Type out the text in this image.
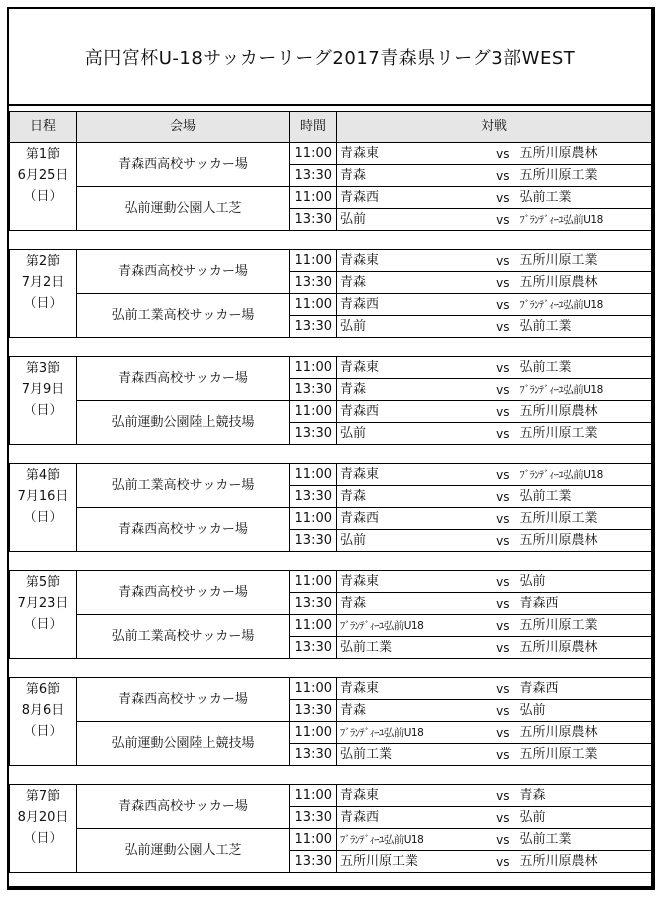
高円宮杯U-18サッカーリーグ2017青森県リーグ3部WEST
日程	会場	時間	対戦		

第1節
6月25日
（日）	青森西高校サッカー場	11:00	青森東	vs	五所川原農林
		13:30	青森	vs	五所川原工業
	弘前運動公園人工芝	11:00	青森西	vs	弘前工業
		13:30	弘前	vs	ﾌﾞﾗﾝﾃﾞｨｰﾕ弘前U18

第2節
7月2日
（日）	青森西高校サッカー場	11:00	青森東	vs	五所川原工業
		13:30	青森	vs	五所川原農林
	弘前工業高校サッカー場	11:00	青森西	vs	ﾌﾞﾗﾝﾃﾞｨｰﾕ弘前U18
		13:30	弘前	vs	弘前工業

第3節
7月9日
（日）	青森西高校サッカー場	11:00	青森東	vs	弘前工業
		13:30	青森	vs	ﾌﾞﾗﾝﾃﾞｨｰﾕ弘前U18
	弘前運動公園陸上競技場	11:00	青森西	vs	五所川原農林
		13:30	弘前	vs	五所川原工業

第4節
7月16日
（日）	弘前工業高校サッカー場	11:00	青森東	vs	ﾌﾞﾗﾝﾃﾞｨｰﾕ弘前U18
		13:30	青森	vs	弘前工業
	青森西高校サッカー場	11:00	青森西	vs	五所川原工業
		13:30	弘前	vs	五所川原農林

第5節
7月23日
（日）	青森西高校サッカー場	11:00	青森東	vs	弘前
		13:30	青森	vs	青森西
	弘前工業高校サッカー場	11:00	ﾌﾞﾗﾝﾃﾞｨｰﾕ弘前U18	vs	五所川原工業
		13:30	弘前工業	vs	五所川原農林

第6節
8月6日
（日）	青森西高校サッカー場	11:00	青森東	vs	青森西
		13:30	青森	vs	弘前
	弘前運動公園陸上競技場	11:00	ﾌﾞﾗﾝﾃﾞｨｰﾕ弘前U18	vs	五所川原農林
		13:30	弘前工業	vs	五所川原工業

第7節
8月20日
（日）	青森西高校サッカー場	11:00	青森東	vs	青森
		13:30	青森西	vs	弘前
	弘前運動公園人工芝	11:00	ﾌﾞﾗﾝﾃﾞｨｰﾕ弘前U18	vs	弘前工業
		13:30	五所川原工業	vs	五所川原農林
